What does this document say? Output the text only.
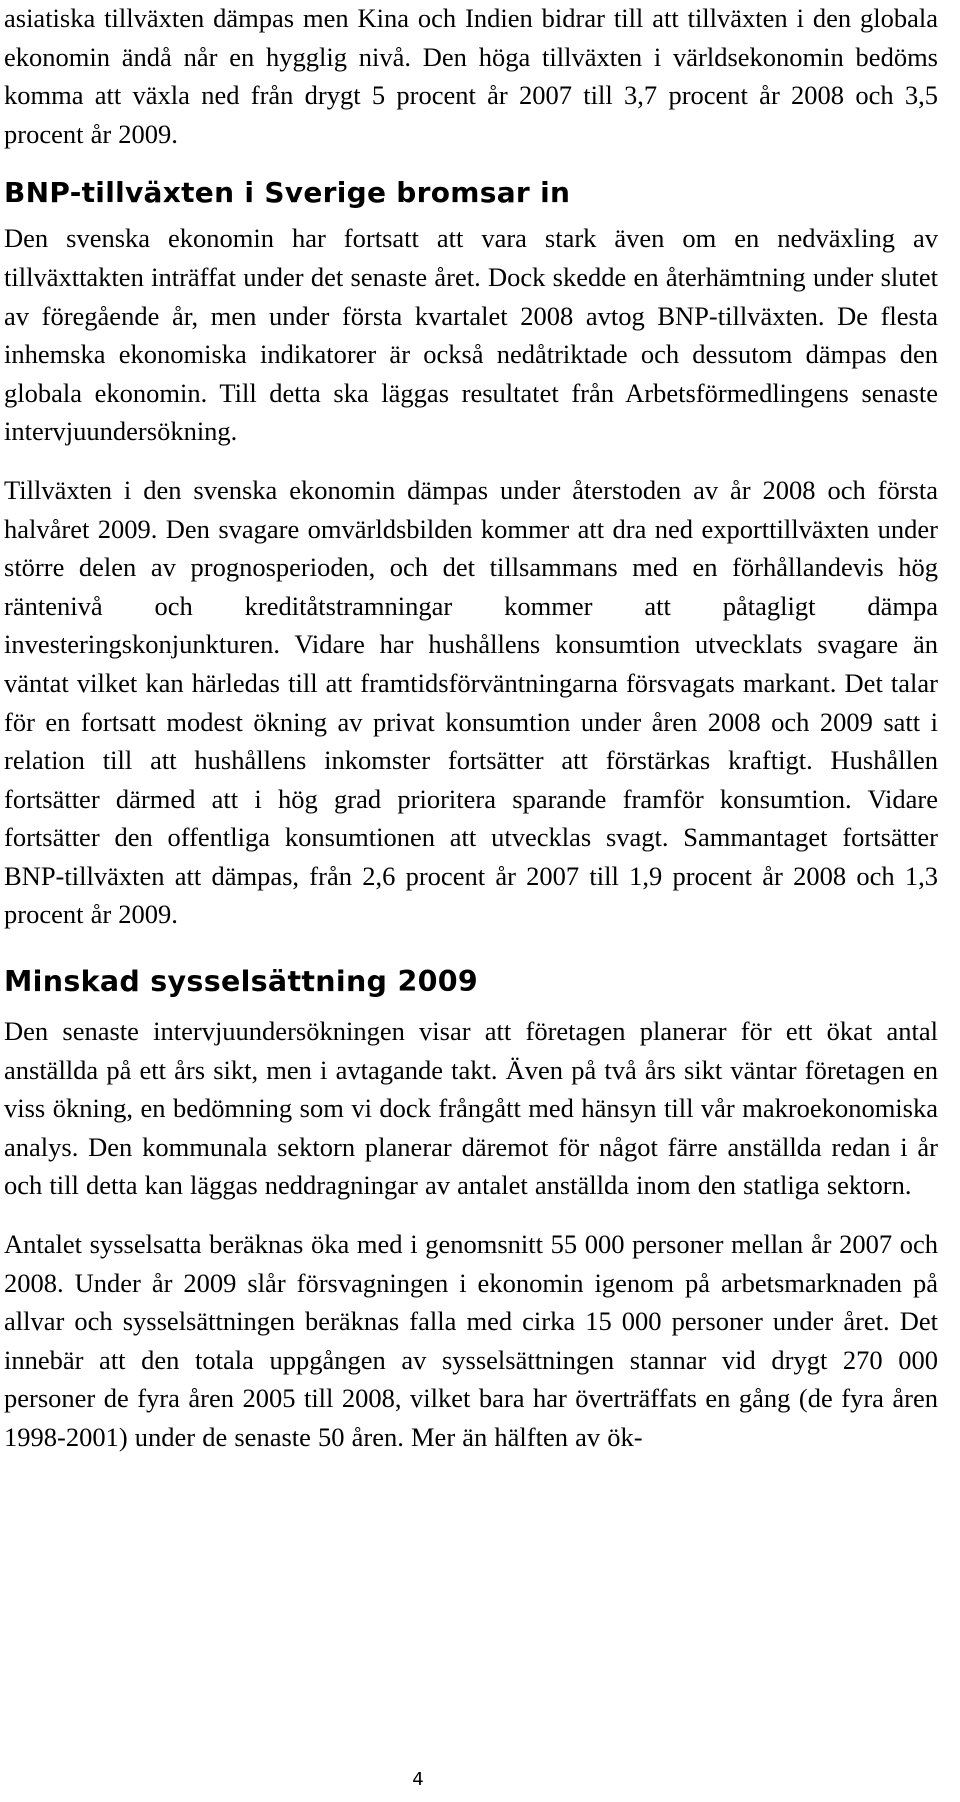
asiatiska tillväxten dämpas men Kina och Indien bidrar till att tillväxten i den globala ekonomin ändå når en hygglig nivå. Den höga tillväxten i världsekonomin bedöms komma att växla ned från drygt 5 procent år 2007 till 3,7 procent år 2008 och 3,5 procent år 2009.

BNP-tillväxten i Sverige bromsar in

Den svenska ekonomin har fortsatt att vara stark även om en nedväxling av tillväxttakten inträffat under det senaste året. Dock skedde en återhämtning under slutet av föregående år, men under första kvartalet 2008 avtog BNP-tillväxten. De flesta inhemska ekonomiska indikatorer är också nedåtriktade och dessutom dämpas den globala ekonomin. Till detta ska läggas resultatet från Arbetsförmedlingens senaste intervjuundersökning.

Tillväxten i den svenska ekonomin dämpas under återstoden av år 2008 och första halvåret 2009. Den svagare omvärldsbilden kommer att dra ned exporttillväxten under större delen av prognosperioden, och det tillsammans med en förhållandevis hög räntenivå och kreditåtstramningar kommer att påtagligt dämpa investeringskonjunkturen. Vidare har hushållens konsumtion utvecklats svagare än väntat vilket kan härledas till att framtidsförväntningarna försvagats markant. Det talar för en fortsatt modest ökning av privat konsumtion under åren 2008 och 2009 satt i relation till att hushållens inkomster fortsätter att förstärkas kraftigt. Hushållen fortsätter därmed att i hög grad prioritera sparande framför konsumtion. Vidare fortsätter den offentliga konsumtionen att utvecklas svagt. Sammantaget fortsätter BNP-tillväxten att dämpas, från 2,6 procent år 2007 till 1,9 procent år 2008 och 1,3 procent år 2009.

Minskad sysselsättning 2009

Den senaste intervjuundersökningen visar att företagen planerar för ett ökat antal anställda på ett års sikt, men i avtagande takt. Även på två års sikt väntar företagen en viss ökning, en bedömning som vi dock frångått med hänsyn till vår makroekonomiska analys. Den kommunala sektorn planerar däremot för något färre anställda redan i år och till detta kan läggas neddragningar av antalet anställda inom den statliga sektorn.

Antalet sysselsatta beräknas öka med i genomsnitt 55 000 personer mellan år 2007 och 2008. Under år 2009 slår försvagningen i ekonomin igenom på arbetsmarknaden på allvar och sysselsättningen beräknas falla med cirka 15 000 personer under året. Det innebär att den totala uppgången av sysselsättningen stannar vid drygt 270 000 personer de fyra åren 2005 till 2008, vilket bara har överträffats en gång (de fyra åren 1998-2001) under de senaste 50 åren. Mer än hälften av ök-

4
